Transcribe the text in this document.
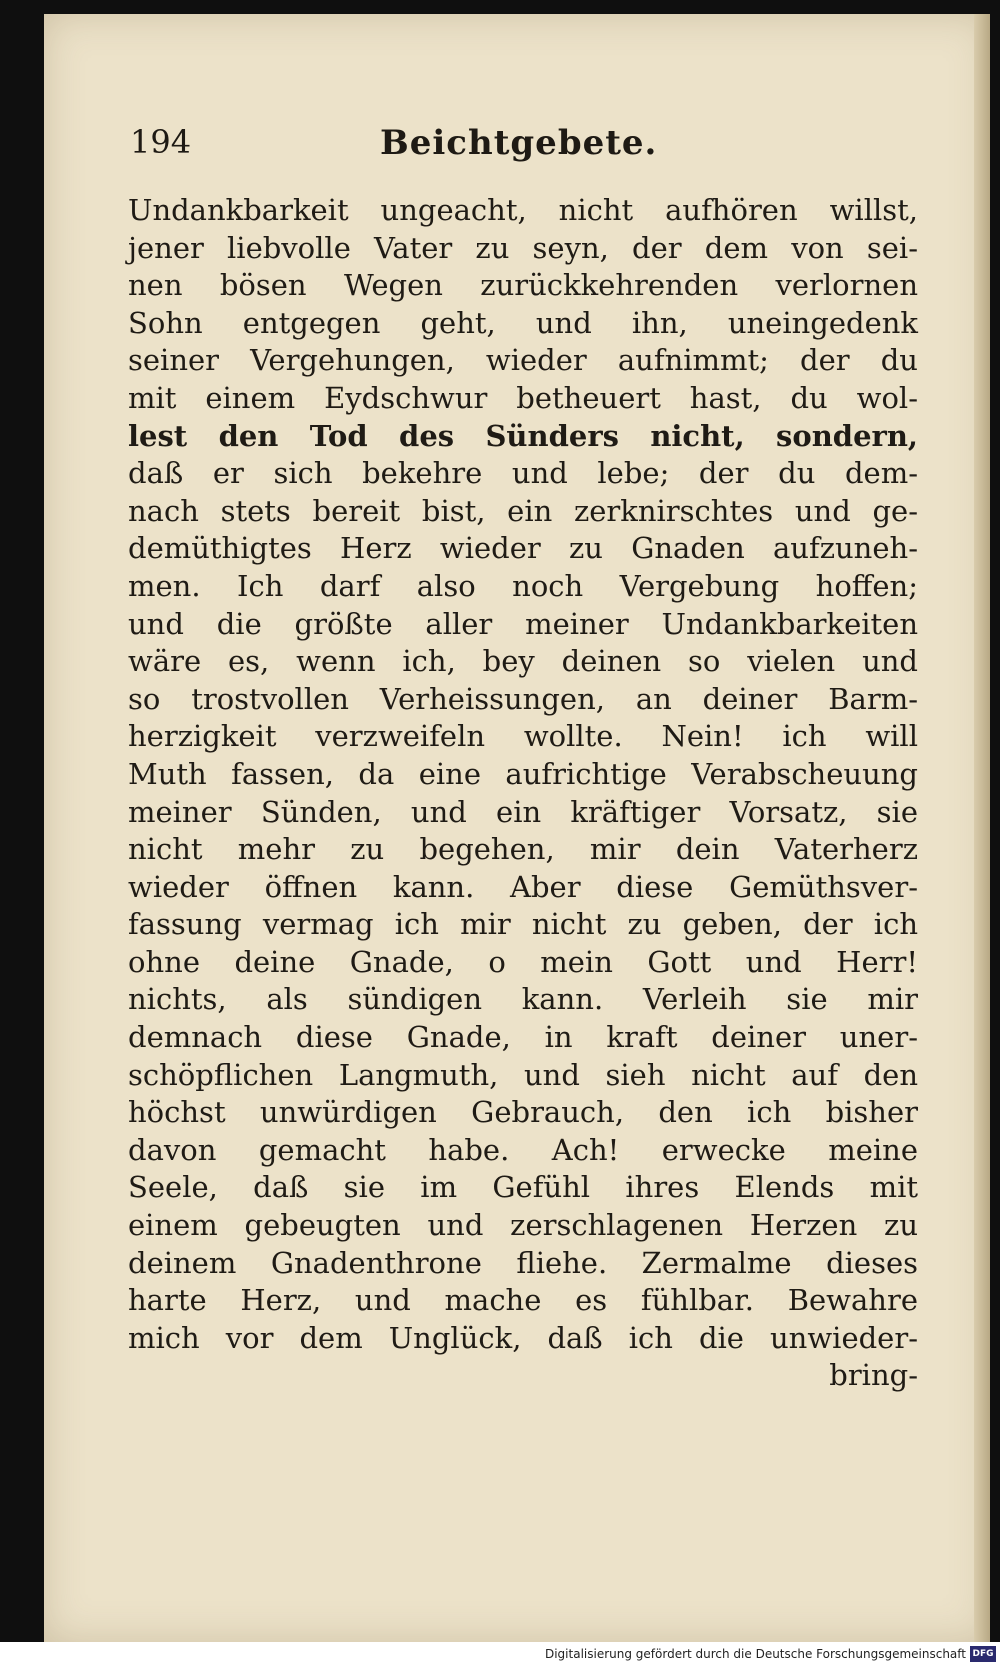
194	Beichtgebete.
Undankbarkeit ungeacht, nicht aufhören willst,
jener liebvolle Vater zu seyn, der dem von sei-
nen bösen Wegen zurückkehrenden verlornen
Sohn entgegen geht, und ihn, uneingedenk
seiner Vergehungen, wieder aufnimmt; der du
mit einem Eydschwur betheuert hast, du wol-
lest den Tod des Sünders nicht, sondern,
daß er sich bekehre und lebe; der du dem-
nach stets bereit bist, ein zerknirschtes und ge-
demüthigtes Herz wieder zu Gnaden aufzuneh-
men. Ich darf also noch Vergebung hoffen;
und die größte aller meiner Undankbarkeiten
wäre es, wenn ich, bey deinen so vielen und
so trostvollen Verheissungen, an deiner Barm-
herzigkeit verzweifeln wollte. Nein! ich will
Muth fassen, da eine aufrichtige Verabscheuung
meiner Sünden, und ein kräftiger Vorsatz, sie
nicht mehr zu begehen, mir dein Vaterherz
wieder öffnen kann. Aber diese Gemüthsver-
fassung vermag ich mir nicht zu geben, der ich
ohne deine Gnade, o mein Gott und Herr!
nichts, als sündigen kann. Verleih sie mir
demnach diese Gnade, in kraft deiner uner-
schöpflichen Langmuth, und sieh nicht auf den
höchst unwürdigen Gebrauch, den ich bisher
davon gemacht habe. Ach! erwecke meine
Seele, daß sie im Gefühl ihres Elends mit
einem gebeugten und zerschlagenen Herzen zu
deinem Gnadenthrone fliehe. Zermalme dieses
harte Herz, und mache es fühlbar. Bewahre
mich vor dem Unglück, daß ich die unwieder-
bring-
Digitalisierung gefördert durch die Deutsche Forschungsgemeinschaft DFG
